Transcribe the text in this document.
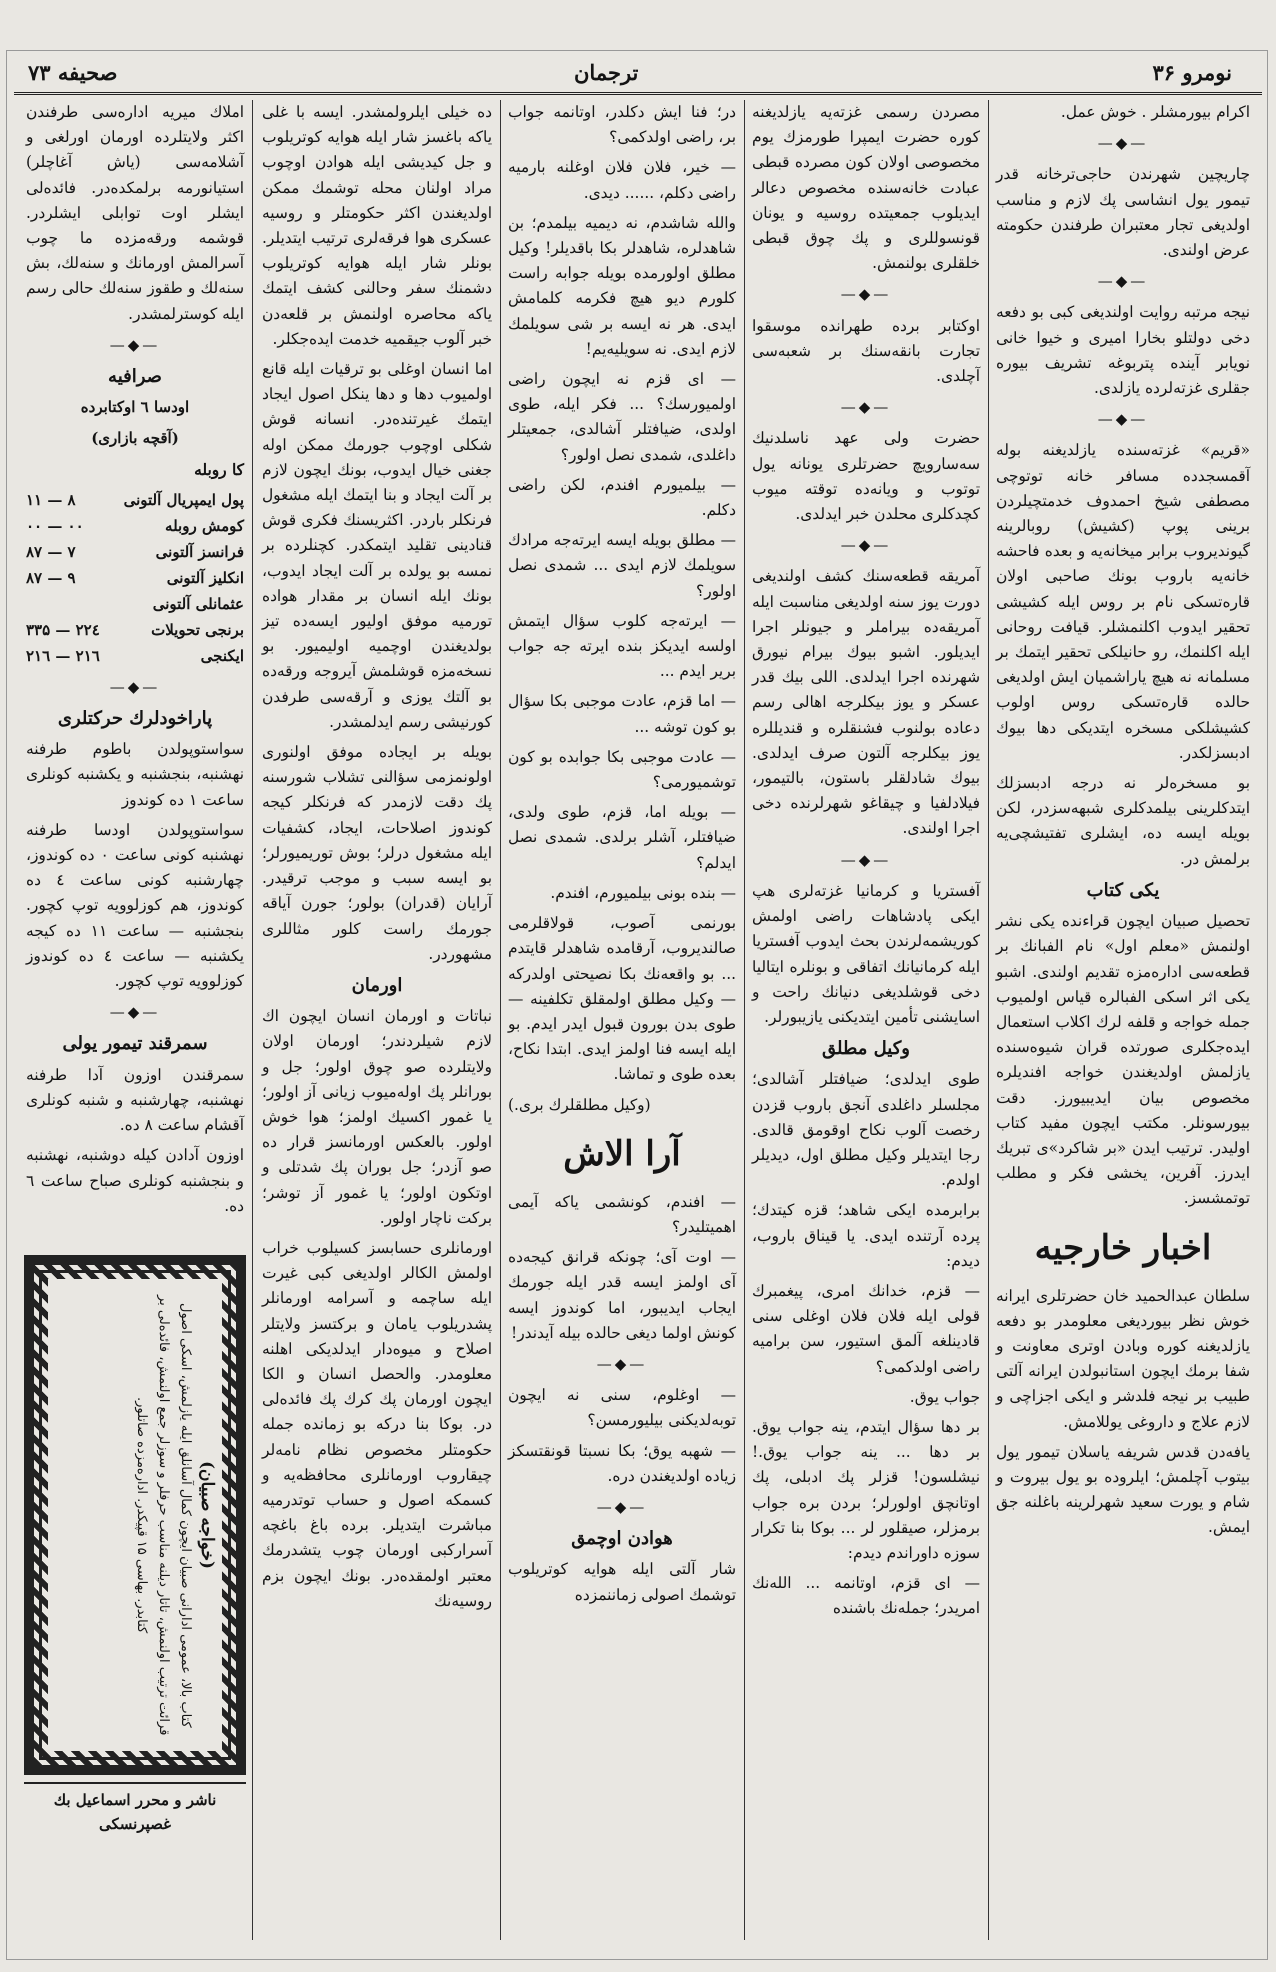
نومرو ۳۶
ترجمان
صحیفه ۷۳

اکرام بیورمشلر . خوش عمل.

—◆—

چاریچین شهرندن حاجی‌ترخانه قدر تیمور یول انشاسی پك لازم و مناسب اولدیغی تجار معتبران طرفندن حکومته عرض اولندی.

—◆—

نیجه مرتبه روایت اولندیغی کبی بو دفعه دخی دولتلو بخارا امیری و خیوا خانی نویابر آینده پتربوغه تشریف بیوره جقلری غزته‌لرده یازلدی.

—◆—

«قریم» غزته‌سنده یازلدیغنه بوله آقمسجدده مسافر خانه توتوچی مصطفی شیخ احمدوف خدمتچیلردن برینی پوپ (کشیش) روبالرینه گیوندیروب برابر میخانه‌یه و بعده فاحشه خانه‌یه باروب بونك صاحبی اولان قاره‌تسکی نام بر روس ایله کشیشی تحقیر ایدوب اکلنمشلر. قیافت روحانی ایله اکلنمك، رو حانیلکی تحقیر ایتمك بر مسلمانه نه هیچ یاراشمیان ایش اولدیغی حالده قاره‌تسکی روس اولوب کشیشلکی مسخره ایتدیکی دها بیوك ادبسزلکدر.

بو مسخره‌لر نه درجه ادبسزلك ایتدکلرینی بیلمدکلری شبهه‌سزدر، لکن بویله ایسه ده، ایشلری تفتیشچی‌یه برلمش در.

یکی کتاب

تحصیل صبیان ایچون قراءنده یکی نشر اولنمش «معلم اول» نام الفبانك بر قطعه‌سی اداره‌مزه تقدیم اولندی. اشبو یکی اثر اسکی الفبالره قیاس اولمیوب جمله خواجه و قلفه لرك اکلاب استعمال ایده‌جکلری صورتده قران شیوه‌سنده یازلمش اولدیغندن خواجه افندیلره مخصوص بیان ایدیبیورز. دقت بیورسونلر. مکتب ایچون مفید کتاب اولیدر. ترتیب ایدن «بر شاکرد»ی تبریك ایدرز. آفرین، یخشی فکر و مطلب توتمشسز.

اخبار خارجیه

سلطان عبدالحمید خان حضرتلری ایرانه خوش نظر بیوردیغی معلومدر بو دفعه یازلدیغنه کوره وبادن اوتری معاونت و شفا برمك ایچون استانبولدن ایرانه آلتی طبیب بر نیجه فلدشر و ایکی اجزاچی و لازم علاج و داروغی یوللامش.

یافه‌دن قدس شریفه یاسلان تیمور یول بیتوب آچلمش؛ ایلروده بو یول بیروت و شام و یورت سعید شهرلرینه باغلنه جق ایمش.

مصردن رسمی غزته‌یه یازلدیغنه کوره حضرت ایمپرا طورمزك یوم مخصوصی اولان کون مصرده قبطی عبادت خانه‌سنده مخصوص دعالر ایدیلوب جمعیتده روسیه و یونان قونسوللری و پك چوق قبطی خلقلری بولنمش.

—◆—

اوکتابر برده طهرانده موسقوا تجارت بانقه‌سنك بر شعبه‌سی آچلدی.

—◆—

حضرت ولی عهد ناسلدنیك سه‌سارویچ حضرتلری یونانه یول توتوب و ویانه‌ده توقته میوب کچدکلری محلدن خبر ایدلدی.

—◆—

آمریقه قطعه‌سنك کشف اولندیغی دورت یوز سنه اولدیغی مناسبت ایله آمریقه‌ده بیراملر و جیونلر اجرا ایدیلور. اشبو بیوك بیرام نیورق شهرنده اجرا ایدلدی. اللی بیك قدر عسکر و یوز بیکلرجه اهالی رسم دعاده بولنوب فشنقلره و قندیللره یوز بیکلرجه آلتون صرف ایدلدی. بیوك شادلقلر باستون، بالتیمور، فیلادلفیا و چیقاغو شهرلرنده دخی اجرا اولندی.

—◆—

آفستریا و کرمانیا غزته‌لری هپ ایکی پادشاهات راضی اولمش کوریشمه‌لرندن بحث ایدوب آفستریا ایله کرمانیانك اتفاقی و بونلره ایتالیا دخی قوشلدیغی دنیانك راحت و اسایشنی تأمین ایتدیکنی یازیبورلر.

وکیل مطلق

طوی ایدلدی؛ ضیافتلر آشالدی؛ مجلسلر داغلدی آنجق باروب قزدن رخصت آلوب نکاح اوقومق قالدی. رجا ایتدیلر وکیل مطلق اول، دیدیلر اولدم.

برابرمده ایکی شاهد؛ قزه کیتدك؛ پرده آرتنده ایدی. یا قیناق باروب، دیدم:

— قزم، خدانك امری، پیغمبرك قولی ایله فلان فلان اوغلی سنی قادینلغه آلمق استیور، سن برامیه راضی اولدکمی؟

جواب یوق.

بر دها سؤال ایتدم، ینه جواب یوق. بر دها ... ینه جواب یوق.! نیشلسون! قزلر پك ادبلی، پك اوتانچق اولورلر؛ بردن بره جواب برمزلر، صیقلور لر ... بوکا بنا تکرار سوزه داوراندم دیدم:

— ای قزم، اوتانمه ... الله‌نك امریدر؛ جمله‌نك باشنده

در؛ فنا ایش دکلدر، اوتانمه جواب بر، راضی اولدکمی؟

— خیر، فلان فلان اوغلنه بارمیه راضی دکلم، ...... دیدی.

والله شاشدم، نه دیمیه بیلمدم؛ بن شاهدلره، شاهدلر بکا باقدیلر! وکیل مطلق اولورمده بویله جوابه راست کلورم دیو هیچ فکرمه کلمامش ایدی. هر نه ایسه بر شی سویلمك لازم ایدی. نه سویلیه‌یم!

— ای قزم نه ایچون راضی اولمیورسك؟ ... فکر ایله، طوی اولدی، ضیافتلر آشالدی، جمعیتلر داغلدی، شمدی نصل اولور؟

— بیلمیورم افندم، لکن راضی دکلم.

— مطلق بویله ایسه ایرته‌جه مرادك سویلمك لازم ایدی ... شمدی نصل اولور؟

— ایرته‌جه کلوب سؤال ایتمش اولسه ایدیکز بنده ایرته جه جواب بریر ایدم ...

— اما قزم، عادت موجبی بکا سؤال بو کون توشه ...

— عادت موجبی بکا جوابده بو کون توشمیورمی؟

— بویله اما، قزم، طوی ولدی، ضیافتلر، آشلر برلدی. شمدی نصل ایدلم؟

— بنده بونی بیلمیورم، افندم.

بورنمی آصوب، قولاقلرمی صالندیروب، آرقامده شاهدلر قایتدم ... بو واقعه‌نك بکا نصیحتی اولدرکه — وکیل مطلق اولمقلق تکلفینه — طوی بدن بورون قبول ایدر ایدم. بو ایله ایسه فنا اولمز ایدی. ابتدا نکاح، بعده طوی و تماشا.

(وکیل مطلقلرك بری.)

آرا الاش

— افندم، کونشمی یاکه آیمی اهمیتلیدر؟

— اوت آی؛ چونکه قرانق کیجه‌ده آی اولمز ایسه قدر ایله جورمك ایجاب ایدیبور، اما کوندوز ایسه کونش اولما دیغی حالده بیله آیدندر!

—◆—

— اوغلوم، سنی نه ایچون توبه‌لدیکنی بیلیورمسن؟

— شهبه یوق؛ بکا نسبتا قونقتسکز زیاده اولدیغندن دره.

—◆—
هوادن اوچمق

شار آلتی ایله هوایه کوتریلوب توشمك اصولی زماننمزده

ده خیلی ایلرولمشدر. ایسه با غلی یاکه باغسز شار ایله هوایه کوتریلوب و جل کیدیشی ایله هوادن اوچوب مراد اولنان محله توشمك ممکن اولدیغندن اکثر حکومتلر و روسیه عسکری هوا فرقه‌لری ترتیب ایتدیلر. بونلر شار ایله هوایه کوتریلوب دشمنك سفر وحالنی کشف ایتمك یاکه محاصره اولنمش بر قلعه‌دن خبر آلوب جیقمیه خدمت ایده‌جکلر.

اما انسان اوغلی بو ترقیات ایله قانع اولمیوب دها و دها ینکل اصول ایجاد ایتمك غیرتنده‌در. انسانه قوش شکلی اوچوب جورمك ممکن اوله جغنی خیال ایدوب، بونك ایچون لازم بر آلت ایجاد و بنا ایتمك ایله مشغول فرنکلر باردر. اکثریسنك فکری قوش قنادینی تقلید ایتمکدر. کچنلرده بر نمسه بو یولده بر آلت ایجاد ایدوب، بونك ایله انسان بر مقدار هواده تورمیه موفق اولیور ایسه‌ده تیز بولدیغندن اوچمیه اولیمیور. بو نسخه‌مزه قوشلمش آیروجه ورقه‌ده بو آلتك یوزی و آرقه‌سی طرفدن کورنیشی رسم ایدلمشدر.

بویله بر ایجاده موفق اولنوری اولونمزمی سؤالنی تشلاب شورسنه پك دقت لازمدر که فرنکلر کیجه کوندوز اصلاحات، ایجاد، کشفیات ایله مشغول درلر؛ بوش توریمیورلر؛ بو ایسه سبب و موجب ترقیدر. آرایان (قدران) بولور؛ جورن آیاقه جورمك راست کلور مثاللری مشهوردر.

اورمان

نباتات و اورمان انسان ایچون اك لازم شیلردندر؛ اورمان اولان ولایتلرده صو چوق اولور؛ جل و بورانلر پك اوله‌میوب زیانی آز اولور؛ یا غمور اکسیك اولمز؛ هوا خوش اولور. بالعکس اورمانسز قرار ده صو آزدر؛ جل بوران پك شدتلی و اوتکون اولور؛ یا غمور آز توشر؛ برکت ناچار اولور.

اورمانلری حسابسز کسیلوب خراب اولمش الکالر اولدیغی کبی غیرت ایله ساچمه و آسرامه اورمانلر پشدریلوب یامان و برکتسز ولایتلر اصلاح و میوه‌دار ایدلدیکی اهلنه معلومدر. والحصل انسان و الکا ایچون اورمان پك کرك پك فائده‌لی در. بوکا بنا درکه بو زمانده جمله حکومتلر مخصوص نظام نامه‌لر چیقاروب اورمانلری محافظه‌یه و کسمکه اصول و حساب توتدرمیه مباشرت ایتدیلر. برده باغ باغچه آسرارکبی اورمان چوب یتشدرمك معتبر اولمقده‌در. بونك ایچون بزم روسیه‌نك

املاك میریه اداره‌سی طرفندن اکثر ولایتلرده اورمان اورلغی و آشلامه‌سی (یاش آغاچلر) استیانورمه برلمکده‌در. فائده‌لی ایشلر اوت توابلی ایشلردر. قوشمه ورقه‌مزده ما چوب آسرالمش اورمانك و سنه‌لك، بش سنه‌لك و طقوز سنه‌لك حالی رسم ایله کوسترلمشدر.

—◆—
صرافیه
اودسا ٦ اوکتابرده
(آقچه بازاری)
کا روبله
پول ایمپریال آلتونی
۱۱ — ۸
کومش روبله
۰۰ — ۰۰
فرانسز آلتونی
۸۷ — ۷
انکلیز آلتونی
۸۷ — ۹
عثمانلی آلتونی
برنجی تحویلات
۳۳۵ — ۲۲٤
ایکنجی
۲۱٦ — ۲۱٦
—◆—
پاراخودلرك حرکتلری

سواستوپولدن باطوم طرفنه نهشنبه، بنجشنبه و یکشنبه کونلری ساعت ۱ ده کوندوز

سواستوپولدن اودسا طرفنه نهشنبه کونی ساعت ۰ ده کوندوز، چهارشنبه کونی ساعت ٤ ده کوندوز، هم کوزلوویه توپ کچور. بنجشنبه — ساعت ۱۱ ده کیجه یکشنبه — ساعت ٤ ده کوندوز کوزلوویه توپ کچور.

—◆—
سمرقند تیمور یولی

سمرقندن اوزون آدا طرفنه نهشنبه، چهارشنبه و شنبه کونلری آقشام ساعت ۸ ده.

اوزون آدادن کیله دوشنبه، نهشنبه و بنجشنبه کونلری صباح ساعت ٦ ده.

(خواجه صبیان)
کتاب بالا، عمومی ادارانی صبیان ایچون کمال آسانلق ایله یازلمش، اسکی اصول قرائت ترتیب اولنمش، تاتار دیلنه مناسب حرفلر و سوزلر جمع اولنمش، فائده‌لی بر کتابدر. بهاسی ۱۵ قپیکدر. اداره‌مزده صاتلور.
ناشر و محرر اسماعیل بك غصپرنسکی
